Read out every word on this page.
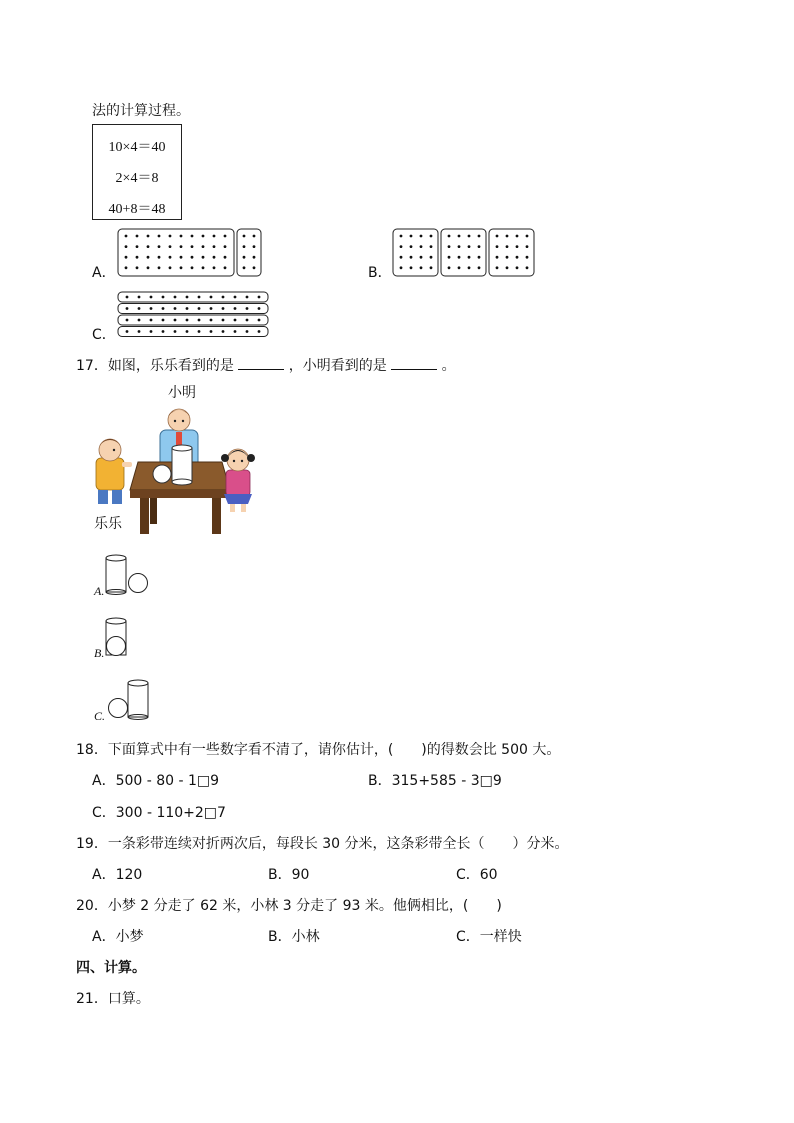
法的计算过程。
10×4＝40
2×4＝8
40+8＝48
A．	B．
C．
17．如图，乐乐看到的是	，小明看到的是	。
小明
乐乐
A.
B.
C.
18．下面算式中有一些数字看不清了，请你估计，(　　)的得数会比 500 大。
A．500 - 80 - 1□9	B．315+585 - 3□9
C．300 - 110+2□7
19．一条彩带连续对折两次后，每段长 30 分米，这条彩带全长（　　）分米。
A．120	B．90	C．60
20．小梦 2 分走了 62 米，小林 3 分走了 93 米。他俩相比，(　　)
A．小梦	B．小林	C．一样快
四、计算。
21．口算。
